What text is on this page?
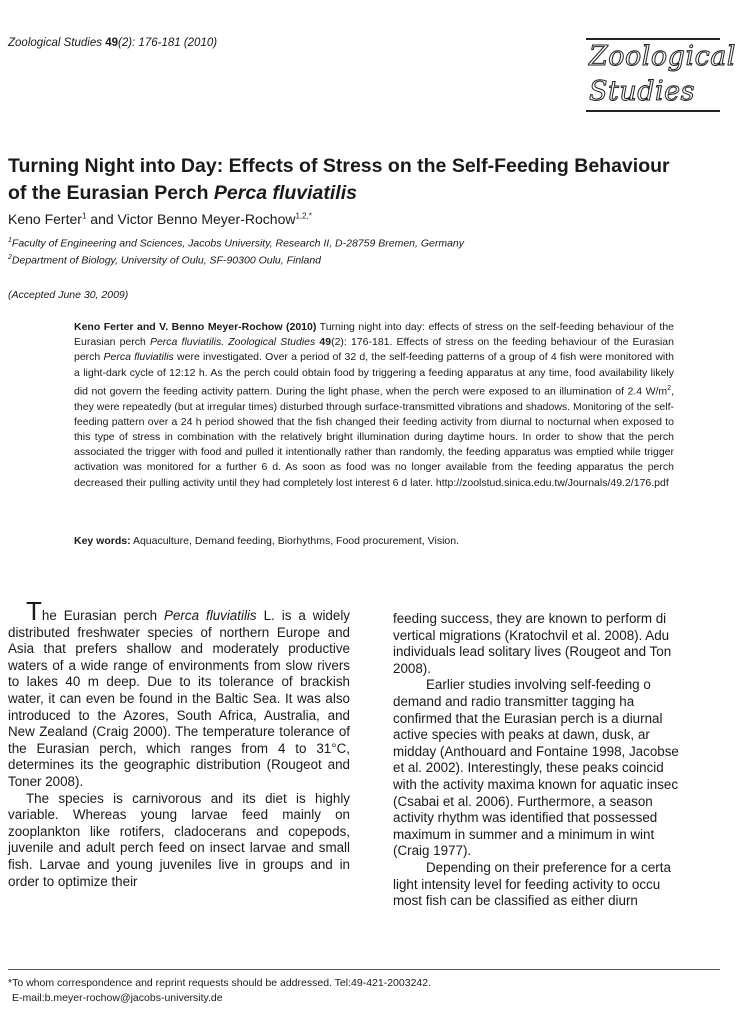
Zoological Studies 49(2): 176-181 (2010)	Zoological
Studies
Turning Night into Day: Effects of Stress on the Self-Feeding Behaviour
of the Eurasian Perch Perca fluviatilis
Keno Ferter$^1$ and Victor Benno Meyer-Rochow$^{1,2,*}$
$^1$Faculty of Engineering and Sciences, Jacobs University, Research II, D-28759 Bremen, Germany
$^2$Department of Biology, University of Oulu, SF-90300 Oulu, Finland
(Accepted June 30, 2009)
Keno Ferter and V. Benno Meyer-Rochow (2010) Turning night into day: effects of stress on the self-feeding behaviour of the Eurasian perch Perca fluviatilis. Zoological Studies 49(2): 176-181. Effects of stress on the feeding behaviour of the Eurasian perch Perca fluviatilis were investigated. Over a period of 32 d, the self-feeding patterns of a group of 4 fish were monitored with a light-dark cycle of 12:12 h. As the perch could obtain food by triggering a feeding apparatus at any time, food availability likely did not govern the feeding activity pattern. During the light phase, when the perch were exposed to an illumination of 2.4 $W/m^2$, they were repeatedly (but at irregular times) disturbed through surface-transmitted vibrations and shadows. Monitoring of the self-feeding pattern over a 24 h period showed that the fish changed their feeding activity from diurnal to nocturnal when exposed to this type of stress in combination with the relatively bright illumination during daytime hours. In order to show that the perch associated the trigger with food and pulled it intentionally rather than randomly, the feeding apparatus was emptied while trigger activation was monitored for a further 6 d. As soon as food was no longer available from the feeding apparatus the perch decreased their pulling activity until they had completely lost interest 6 d later. http://zoolstud.sinica.edu.tw/Journals/49.2/176.pdf
Key words: Aquaculture, Demand feeding, Biorhythms, Food procurement, Vision.

The Eurasian perch Perca fluviatilis L. is a widely distributed freshwater species of northern Europe and Asia that prefers shallow and moderately productive waters of a wide range of environments from slow rivers to lakes 40 m deep. Due to its tolerance of brackish water, it can even be found in the Baltic Sea. It was also introduced to the Azores, South Africa, Australia, and New Zealand (Craig 2000). The temperature tolerance of the Eurasian perch, which ranges from 4 to 31°C, determines its the geographic distribution (Rougeot and Toner 2008).

The species is carnivorous and its diet is highly variable. Whereas young larvae feed mainly on zooplankton like rotifers, cladocerans and copepods, juvenile and adult perch feed on insect larvae and small fish. Larvae and young juveniles live in groups and in order to optimize their

feeding success, they are known to perform di
vertical migrations (Kratochvil et al. 2008). Adu
individuals lead solitary lives (Rougeot and Ton
2008).
Earlier studies involving self-feeding o
demand and radio transmitter tagging ha
confirmed that the Eurasian perch is a diurnal
active species with peaks at dawn, dusk, ar
midday (Anthouard and Fontaine 1998, Jacobse
et al. 2002). Interestingly, these peaks coincid
with the activity maxima known for aquatic insec
(Csabai et al. 2006). Furthermore, a season
activity rhythm was identified that possessed
maximum in summer and a minimum in wint
(Craig 1977).
Depending on their preference for a certa
light intensity level for feeding activity to occu
most fish can be classified as either diurn
*To whom correspondence and reprint requests should be addressed. Tel:49-421-2003242.
E-mail:b.meyer-rochow@jacobs-university.de
